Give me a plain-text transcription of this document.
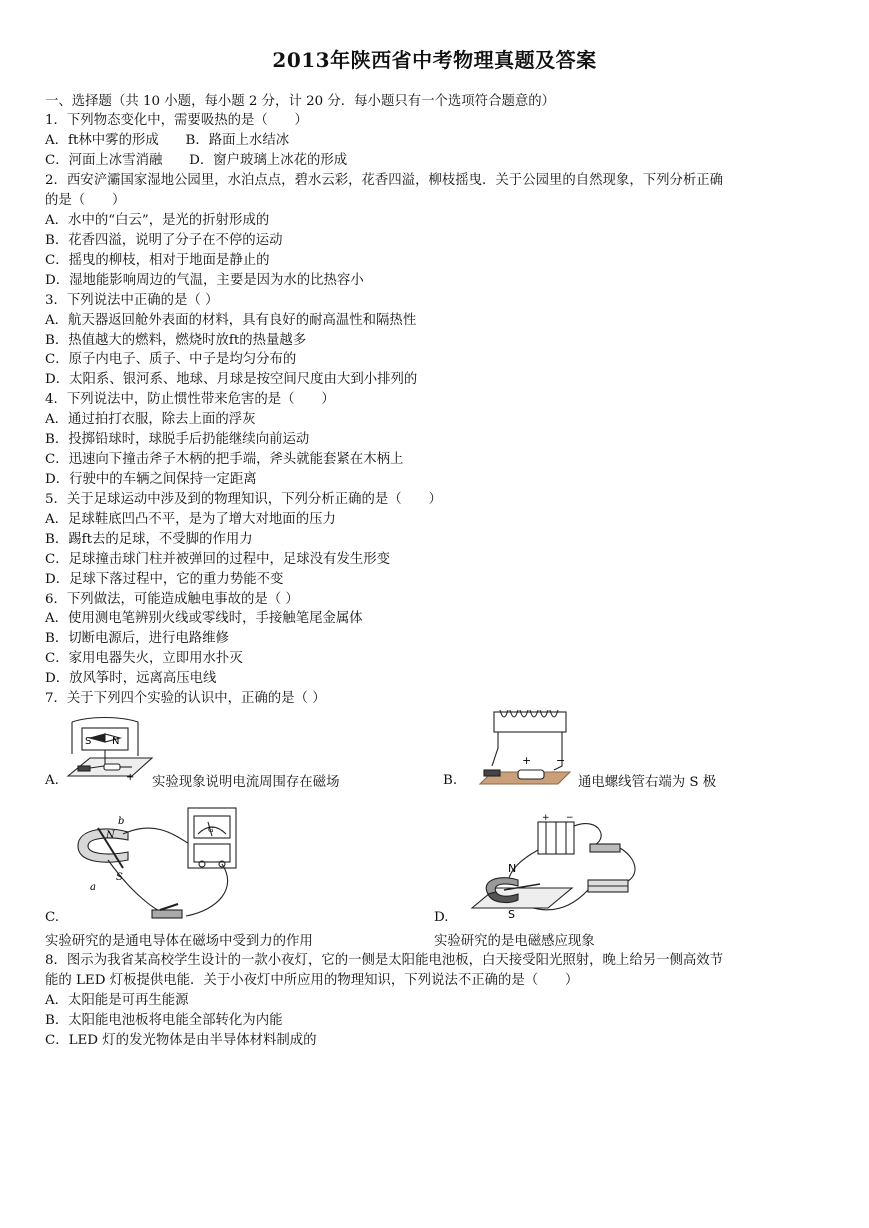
2013年陕西省中考物理真题及答案
一、选择题（共 10 小题，每小题 2 分，计 20 分．每小题只有一个选项符合题意的）
1．下列物态变化中，需要吸热的是（　　）
A．ft林中雾的形成　　B．路面上水结冰
C．河面上冰雪消融　　D．窗户玻璃上冰花的形成
2．西安浐灞国家湿地公园里，水泊点点，碧水云彩，花香四溢，柳枝摇曳．关于公园里的自然现象，下列分析正确
的是（　　）
A．水中的“白云”，是光的折射形成的
B．花香四溢，说明了分子在不停的运动
C．摇曳的柳枝，相对于地面是静止的
D．湿地能影响周边的气温，主要是因为水的比热容小
3．下列说法中正确的是（ ）
A．航天器返回舱外表面的材料，具有良好的耐高温性和隔热性
B．热值越大的燃料，燃烧时放ft的热量越多
C．原子内电子、质子、中子是均匀分布的
D．太阳系、银河系、地球、月球是按空间尺度由大到小排列的
4．下列说法中，防止惯性带来危害的是（　　）
A．通过拍打衣服，除去上面的浮灰
B．投掷铅球时，球脱手后扔能继续向前运动
C．迅速向下撞击斧子木柄的把手端，斧头就能套紧在木柄上
D．行驶中的车辆之间保持一定距离
5．关于足球运动中涉及到的物理知识，下列分析正确的是（　　）
A．足球鞋底凹凸不平，是为了增大对地面的压力
B．踢ft去的足球，不受脚的作用力
C．足球撞击球门柱并被弹回的过程中，足球没有发生形变
D．足球下落过程中，它的重力势能不变
6．下列做法，可能造成触电事故的是（ ）
A．使用测电笔辨别火线或零线时，手接触笔尾金属体
B．切断电源后，进行电路维修
C．家用电器失火，立即用水扑灭
D．放风筝时，远离高压电线
7．关于下列四个实验的认识中，正确的是（ ）
S N
+
A.	实验现象说明电流周围存在磁场
+ −
B.	通电螺线管右端为 S 极
N
S
a
b
G
C.
实验研究的是通电导体在磁场中受到力的作用
+ −
N
S
D.
实验研究的是电磁感应现象
8．图示为我省某高校学生设计的一款小夜灯，它的一侧是太阳能电池板，白天接受阳光照射，晚上给另一侧高效节
能的 LED 灯板提供电能．关于小夜灯中所应用的物理知识，下列说法不正确的是（　　）
A．太阳能是可再生能源
B．太阳能电池板将电能全部转化为内能
C．LED 灯的发光物体是由半导体材料制成的
